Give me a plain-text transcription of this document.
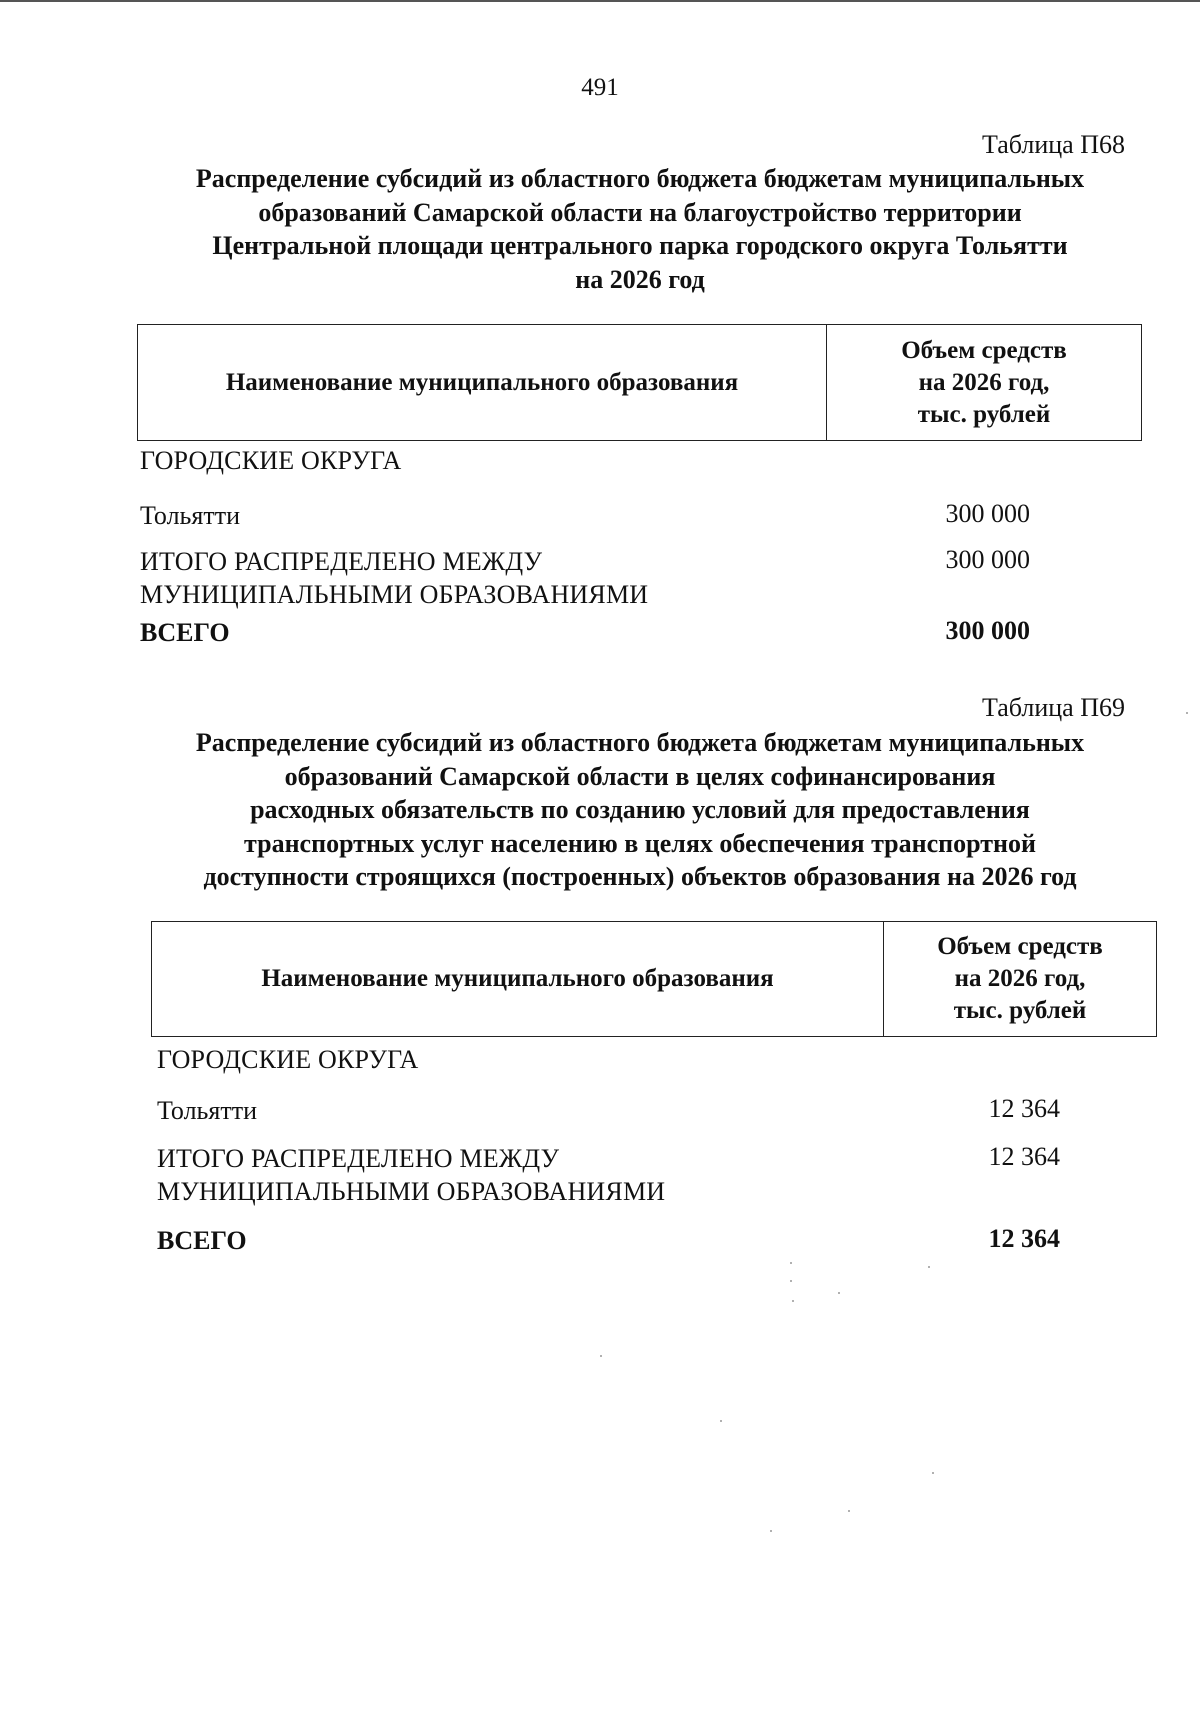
491
Таблица П68
Распределение субсидий из областного бюджета бюджетам муниципальных
образований Самарской области на благоустройство территории
Центральной площади центрального парка городского округа Тольятти
на 2026 год
Наименование муниципального образования
Объем средств
на 2026 год,
тыс. рублей
ГОРОДСКИЕ ОКРУГА
Тольятти	300 000
ИТОГО РАСПРЕДЕЛЕНО МЕЖДУ
МУНИЦИПАЛЬНЫМИ ОБРАЗОВАНИЯМИ
300 000
ВСЕГО	300 000
Таблица П69
Распределение субсидий из областного бюджета бюджетам муниципальных
образований Самарской области в целях софинансирования
расходных обязательств по созданию условий для предоставления
транспортных услуг населению в целях обеспечения транспортной
доступности строящихся (построенных) объектов образования на 2026 год
Наименование муниципального образования
Объем средств
на 2026 год,
тыс. рублей
ГОРОДСКИЕ ОКРУГА
Тольятти	12 364
ИТОГО РАСПРЕДЕЛЕНО МЕЖДУ
МУНИЦИПАЛЬНЫМИ ОБРАЗОВАНИЯМИ
12 364
ВСЕГО	12 364
